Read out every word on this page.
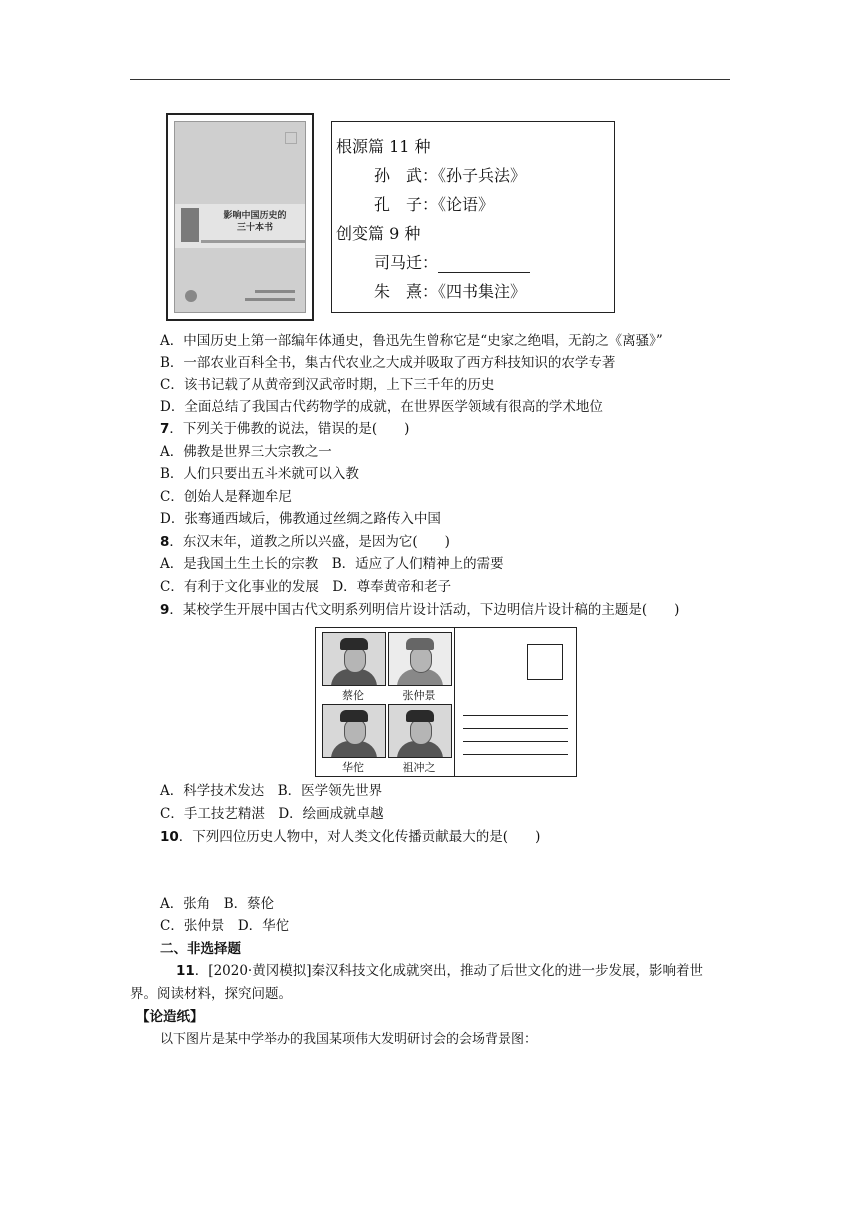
影响中国历史的
三十本书
根源篇 11 种
孙　武：《孙子兵法》
孔　子：《论语》
创变篇 9 种
司马迁：
朱　熹：《四书集注》
A．中国历史上第一部编年体通史，鲁迅先生曾称它是“史家之绝唱，无韵之《离骚》”
B．一部农业百科全书，集古代农业之大成并吸取了西方科技知识的农学专著
C．该书记载了从黄帝到汉武帝时期，上下三千年的历史
D．全面总结了我国古代药物学的成就，在世界医学领域有很高的学术地位
7．下列关于佛教的说法，错误的是(　　)
A．佛教是世界三大宗教之一
B．人们只要出五斗米就可以入教
C．创始人是释迦牟尼
D．张骞通西域后，佛教通过丝绸之路传入中国
8．东汉末年，道教之所以兴盛，是因为它(　　)
A．是我国土生土长的宗教　B．适应了人们精神上的需要
C．有利于文化事业的发展　D．尊奉黄帝和老子
9．某校学生开展中国古代文明系列明信片设计活动，下边明信片设计稿的主题是(　　)
蔡伦	张仲景
华佗	祖冲之
A．科学技术发达　B．医学领先世界
C．手工技艺精湛　D．绘画成就卓越
10．下列四位历史人物中，对人类文化传播贡献最大的是(　　)
A．张角　B．蔡伦
C．张仲景　D．华佗
二、非选择题
11．[2020·黄冈模拟]秦汉科技文化成就突出，推动了后世文化的进一步发展，影响着世
界。阅读材料，探究问题。
【论造纸】
以下图片是某中学举办的我国某项伟大发明研讨会的会场背景图：
